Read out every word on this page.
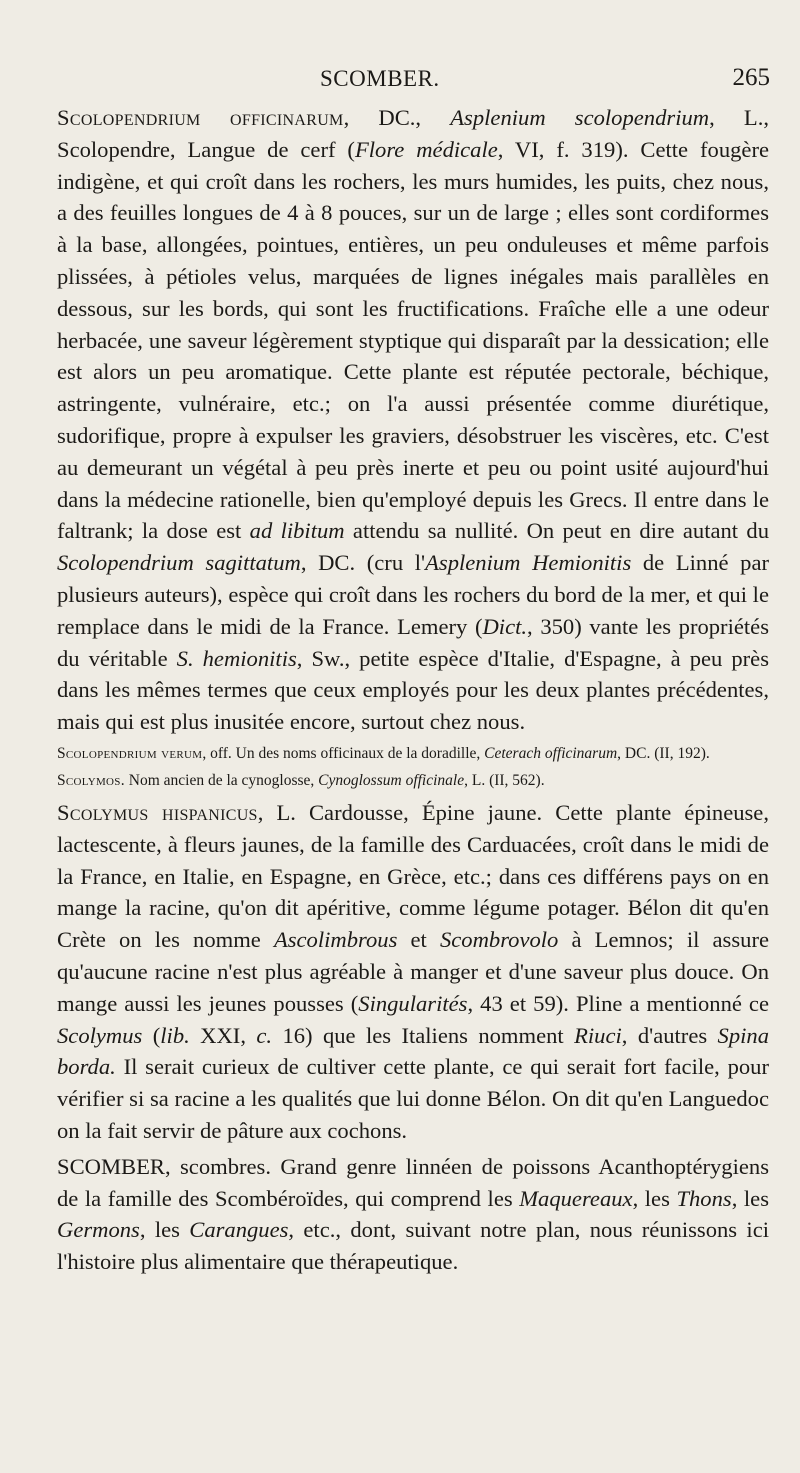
SCOMBER.	265

Scolopendrium officinarum, DC., Asplenium scolopendrium, L., Scolopendre, Langue de cerf (Flore médicale, VI, f. 319). Cette fougère indigène, et qui croît dans les rochers, les murs humides, les puits, chez nous, a des feuilles longues de 4 à 8 pouces, sur un de large ; elles sont cordiformes à la base, allongées, pointues, entières, un peu onduleuses et même parfois plissées, à pétioles velus, marquées de lignes inégales mais parallèles en dessous, sur les bords, qui sont les fructifications. Fraîche elle a une odeur herbacée, une saveur légèrement styptique qui disparaît par la dessication; elle est alors un peu aromatique. Cette plante est réputée pectorale, béchique, astringente, vulnéraire, etc.; on l'a aussi présentée comme diurétique, sudorifique, propre à expulser les graviers, désobstruer les viscères, etc. C'est au demeurant un végétal à peu près inerte et peu ou point usité aujourd'hui dans la médecine rationelle, bien qu'employé depuis les Grecs. Il entre dans le faltrank; la dose est ad libitum attendu sa nullité. On peut en dire autant du Scolopendrium sagittatum, DC. (cru l'Asplenium Hemionitis de Linné par plusieurs auteurs), espèce qui croît dans les rochers du bord de la mer, et qui le remplace dans le midi de la France. Lemery (Dict., 350) vante les propriétés du véritable S. hemionitis, Sw., petite espèce d'Italie, d'Espagne, à peu près dans les mêmes termes que ceux employés pour les deux plantes précédentes, mais qui est plus inusitée encore, surtout chez nous.

Scolopendrium verum, off. Un des noms officinaux de la doradille, Ceterach officinarum, DC. (II, 192).

Scolymos. Nom ancien de la cynoglosse, Cynoglossum officinale, L. (II, 562).

Scolymus hispanicus, L. Cardousse, Épine jaune. Cette plante épineuse, lactescente, à fleurs jaunes, de la famille des Carduacées, croît dans le midi de la France, en Italie, en Espagne, en Grèce, etc.; dans ces différens pays on en mange la racine, qu'on dit apéritive, comme légume potager. Bélon dit qu'en Crète on les nomme Ascolimbrous et Scombrovolo à Lemnos; il assure qu'aucune racine n'est plus agréable à manger et d'une saveur plus douce. On mange aussi les jeunes pousses (Singularités, 43 et 59). Pline a mentionné ce Scolymus (lib. XXI, c. 16) que les Italiens nomment Riuci, d'autres Spina borda. Il serait curieux de cultiver cette plante, ce qui serait fort facile, pour vérifier si sa racine a les qualités que lui donne Bélon. On dit qu'en Languedoc on la fait servir de pâture aux cochons.

SCOMBER, scombres. Grand genre linnéen de poissons Acanthoptérygiens de la famille des Scombéroïdes, qui comprend les Maquereaux, les Thons, les Germons, les Carangues, etc., dont, suivant notre plan, nous réunissons ici l'histoire plus alimentaire que thérapeutique.
